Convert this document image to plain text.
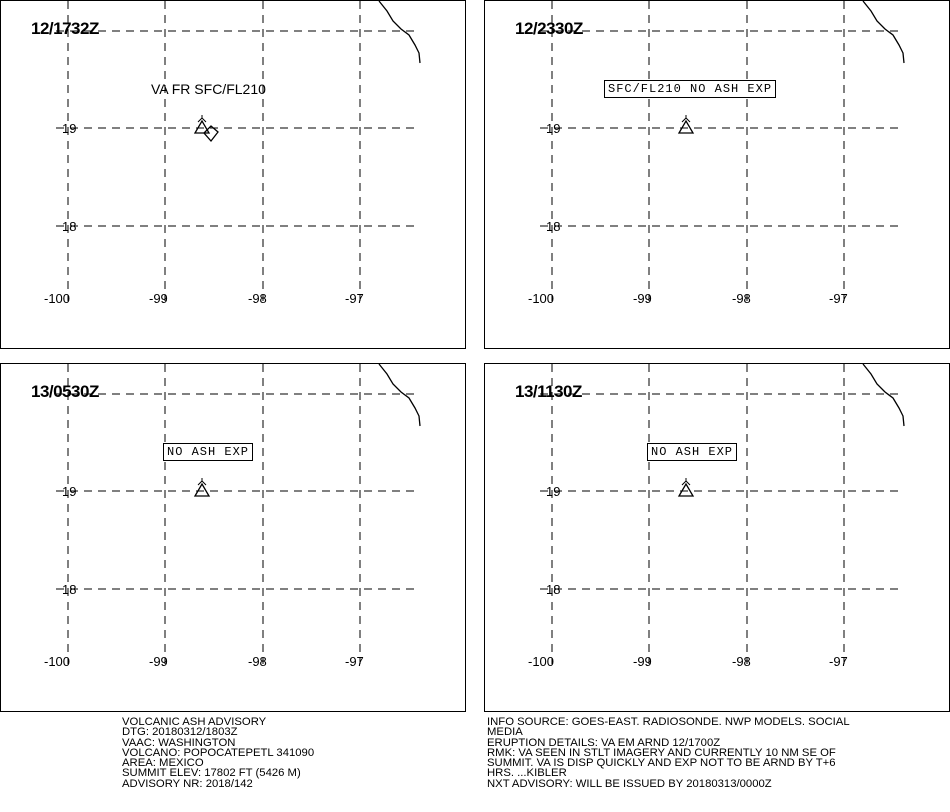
12/1732Z
19
18
-100	-99	-98	-97
VA FR SFC/FL210
12/2330Z
19
18
-100	-99	-98	-97
SFC/FL210 NO ASH EXP
13/0530Z
19
18
-100	-99	-98	-97
NO ASH EXP
13/1130Z
19
18
-100	-99	-98	-97
NO ASH EXP
VOLCANIC ASH ADVISORY
DTG: 20180312/1803Z
VAAC: WASHINGTON
VOLCANO: POPOCATEPETL 341090
AREA: MEXICO
SUMMIT ELEV: 17802 FT (5426 M)
ADVISORY NR: 2018/142
INFO SOURCE: GOES-EAST. RADIOSONDE. NWP MODELS. SOCIAL
MEDIA
ERUPTION DETAILS: VA EM ARND 12/1700Z
RMK: VA SEEN IN STLT IMAGERY AND CURRENTLY 10 NM SE OF
SUMMIT. VA IS DISP QUICKLY AND EXP NOT TO BE ARND BY T+6
HRS. ...KIBLER
NXT ADVISORY: WILL BE ISSUED BY 20180313/0000Z
